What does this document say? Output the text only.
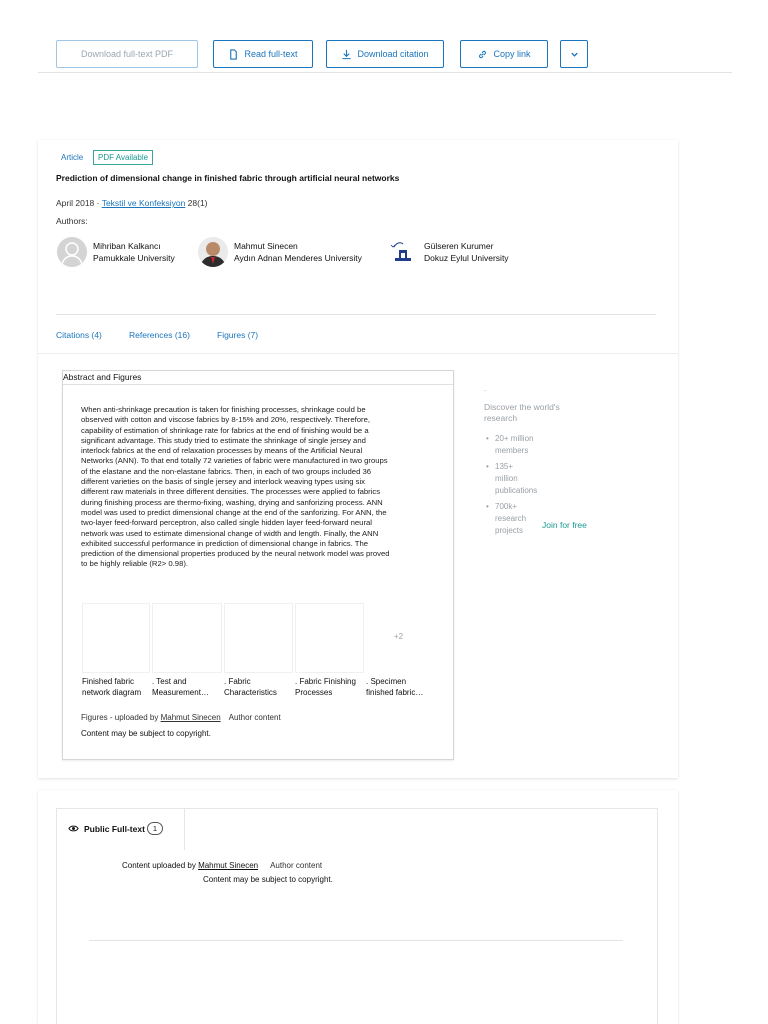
Download full-text PDF	Read full-text	Download citation	Copy link
Article	PDF Available
Prediction of dimensional change in finished fabric through artificial neural networks
April 2018 · Tekstil ve Konfeksiyon 28(1)
Authors:
Mihriban Kalkancı
Pamukkale University
Mahmut Sinecen
Aydın Adnan Menderes University
Gülseren Kurumer
Dokuz Eylul University
Citations (4)	References (16)	Figures (7)
Abstract and Figures
When anti-shrinkage precaution is taken for finishing processes, shrinkage could be
observed with cotton and viscose fabrics by 8-15% and 20%, respectively. Therefore,
capability of estimation of shrinkage rate for fabrics at the end of finishing would be a
significant advantage. This study tried to estimate the shrinkage of single jersey and
interlock fabrics at the end of relaxation processes by means of the Artificial Neural
Networks (ANN). To that end totally 72 varieties of fabric were manufactured in two groups
of the elastane and the non-elastane fabrics. Then, in each of two groups included 36
different varieties on the basis of single jersey and interlock weaving types using six
different raw materials in three different densities. The processes were applied to fabrics
during finishing process are thermo-fixing, washing, drying and sanforizing process. ANN
model was used to predict dimensional change at the end of the sanforizing. For ANN, the
two-layer feed-forward perceptron, also called single hidden layer feed-forward neural
network was used to estimate dimensional change of width and length. Finally, the ANN
exhibited successful performance in prediction of dimensional change in fabrics. The
prediction of the dimensional properties produced by the neural network model was proved
to be highly reliable (R2> 0.98).
+2
Finished fabric
network diagram
. Test and
Measurement…
. Fabric
Characteristics
. Fabric Finishing
Processes
. Specimen
finished fabric…
Figures - uploaded by Mahmut Sinecen Author content
Content may be subject to copyright.
.
Discover the world's
research
• 20+ million
members
• 135+
million
publications
• 700k+
research
projects
Join for free
Public Full-text	1
Content uploaded by Mahmut Sinecen Author content
Content may be subject to copyright.
